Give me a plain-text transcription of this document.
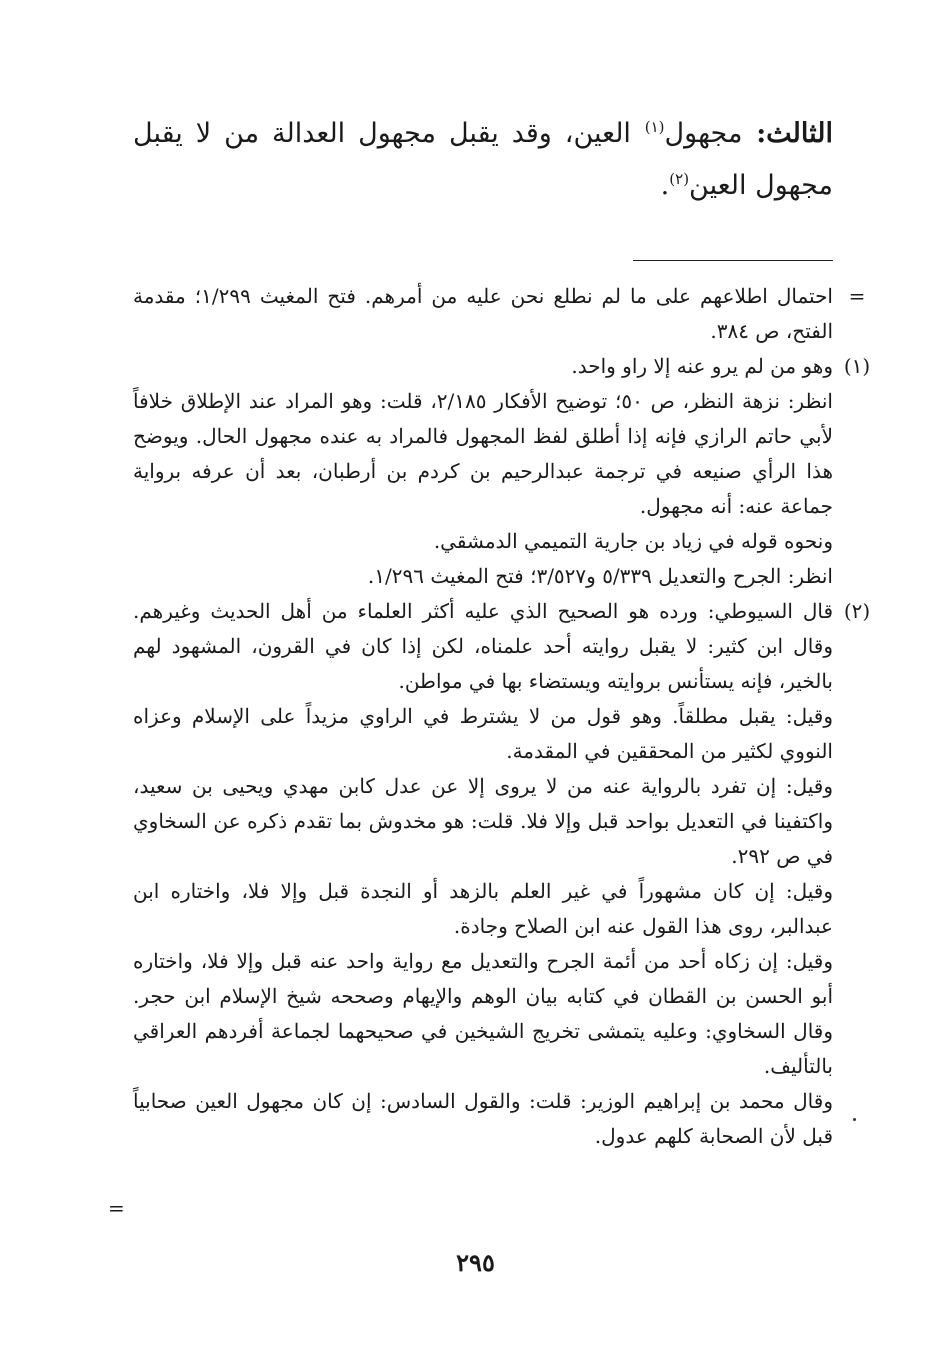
الثالث: مجهول$^{(١)}$ العين، وقد يقبل مجهول العدالة من لا يقبل مجهول العين$^{(٢)}$.
=

احتمال اطلاعهم على ما لم نطلع نحن عليه من أمرهم. فتح المغيث ١/٢٩٩؛ مقدمة الفتح، ص ٣٨٤.

(١)

وهو من لم يرو عنه إلا راو واحد.

انظر: نزهة النظر، ص ٥٠؛ توضيح الأفكار ٢/١٨٥، قلت: وهو المراد عند الإطلاق خلافاً لأبي حاتم الرازي فإنه إذا أطلق لفظ المجهول فالمراد به عنده مجهول الحال. ويوضح هذا الرأي صنيعه في ترجمة عبدالرحيم بن كردم بن أرطبان، بعد أن عرفه برواية جماعة عنه: أنه مجهول.

ونحوه قوله في زياد بن جارية التميمي الدمشقي.

انظر: الجرح والتعديل ٥/٣٣٩ و٣/٥٢٧؛ فتح المغيث ١/٢٩٦.

(٢)

قال السيوطي: ورده هو الصحيح الذي عليه أكثر العلماء من أهل الحديث وغيرهم. وقال ابن كثير: لا يقبل روايته أحد علمناه، لكن إذا كان في القرون، المشهود لهم بالخير، فإنه يستأنس بروايته ويستضاء بها في مواطن.

وقيل: يقبل مطلقاً. وهو قول من لا يشترط في الراوي مزيداً على الإسلام وعزاه النووي لكثير من المحققين في المقدمة.

وقيل: إن تفرد بالرواية عنه من لا يروى إلا عن عدل كابن مهدي ويحيى بن سعيد، واكتفينا في التعديل بواحد قبل وإلا فلا. قلت: هو مخدوش بما تقدم ذكره عن السخاوي في ص ٢٩٢.

وقيل: إن كان مشهوراً في غير العلم بالزهد أو النجدة قبل وإلا فلا، واختاره ابن عبدالبر، روى هذا القول عنه ابن الصلاح وجادة.

وقيل: إن زكاه أحد من أئمة الجرح والتعديل مع رواية واحد عنه قبل وإلا فلا، واختاره أبو الحسن بن القطان في كتابه بيان الوهم والإيهام وصححه شيخ الإسلام ابن حجر. وقال السخاوي: وعليه يتمشى تخريج الشيخين في صحيحهما لجماعة أفردهم العراقي بالتأليف.

وقال محمد بن إبراهيم الوزير: قلت: والقول السادس: إن كان مجهول العين صحابياً قبل لأن الصحابة كلهم عدول.

=
٢٩٥
